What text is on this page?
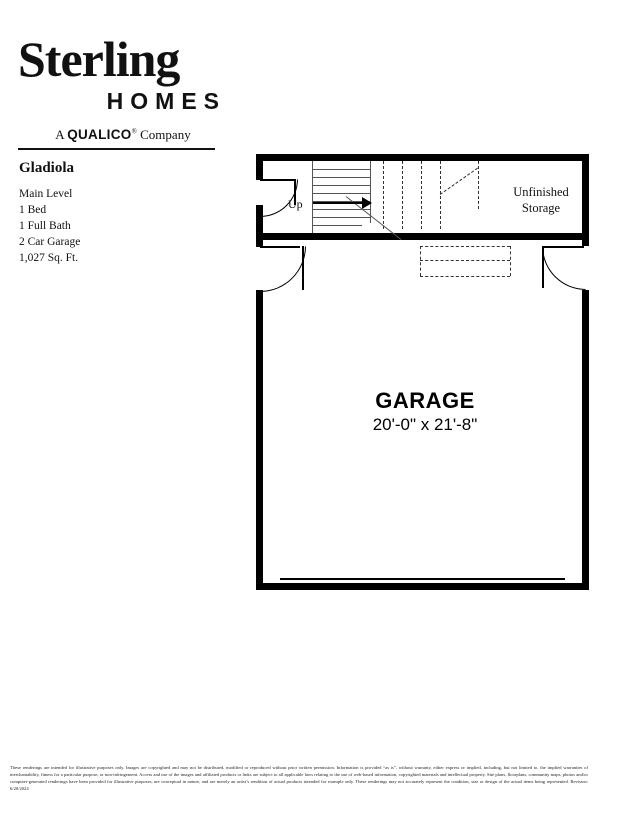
Sterling
HOMES
A QUALICO® Company
Gladiola
Main Level
1 Bed
1 Full Bath
2 Car Garage
1,027 Sq. Ft.
Up
Unfinished
Storage
GARAGE
20'-0" x 21'-8"
These renderings are intended for illustrative purposes only. Images are copyrighted and may not be distributed, modified or reproduced without prior written permission. Information is provided “as is”, without warranty, either express or implied, including, but not limited to, the implied warranties of merchantability, fitness for a particular purpose, or non-infringement. Access and use of the images and affiliated products or links are subject to all applicable laws relating to the use of web-based information, copyrighted materials and intellectual property. Site plans, floorplans, community maps, photos and/or computer-generated renderings have been provided for illustrative purposes, are conceptual in nature, and are merely an artist’s rendition of actual products intended for example only. These renderings may not accurately represent the condition, size or design of the actual items being represented. Revision: 6/20/2024
